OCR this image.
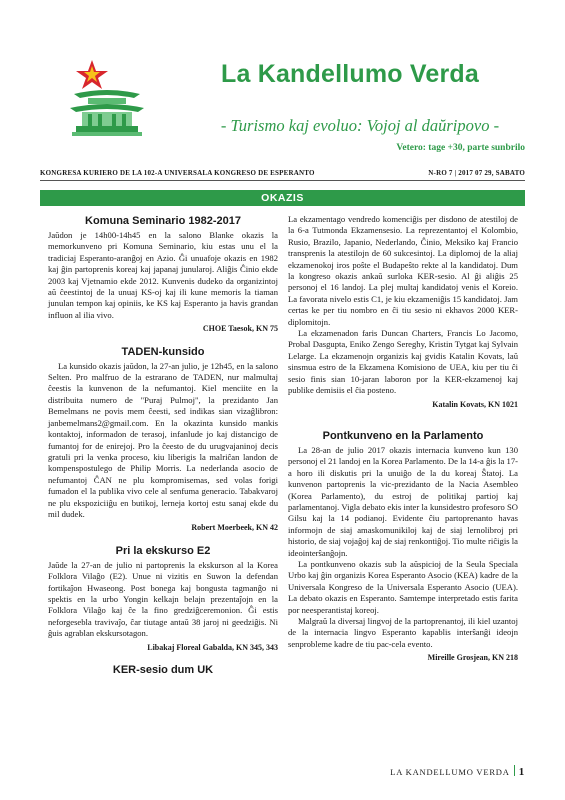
La Kandellumo Verda
- Turismo kaj evoluo: Vojoj al daŭripovo -
Vetero: tage +30, parte sunbrilo
KONGRESA KURIERO DE LA 102-A UNIVERSALA KONGRESO DE ESPERANTO	N-RO 7 | 2017 07 29, SABATO
OKAZIS
Komuna Seminario 1982-2017

Jaŭdon je 14h00-14h45 en la salono Blanke okazis la memorkunveno pri Komuna Seminario, kiu estas unu el la tradiciaj Esperanto-aranĝoj en Azio. Ĝi unuafoje okazis en 1982 kaj ĝin partoprenis koreaj kaj japanaj junularoj. Aliĝis Ĉinio ekde 2003 kaj Vjetnamio ekde 2012. Kunvenis dudeko da organizintoj aŭ ĉeestintoj de la unuaj KS-oj kaj ili kune memoris la tiaman junulan tempon kaj opiniis, ke KS kaj Esperanto ja havis grandan influon al ilia vivo.

CHOE Taesok, KN 75
TADEN-kunsido

La kunsido okazis jaŭdon, la 27-an julio, je 12h45, en la salono Selten. Pro malfruo de la estrarano de TADEN, nur malmultaj ĉeestis la kunvenon de la nefumantoj. Kiel menciite en la distribuita numero de "Puraj Pulmoj", la prezidanto Jan Bemelmans ne povis mem ĉeesti, sed indikas sian vizaĝlibron: janbemelmans2@gmail.com. En la okazinta kunsido mankis kontaktoj, informadon de terasoj, infanlude jo kaj distancigo de fumantoj for de enirejoj. Pro la ĉeesto de du urugvajaninoj decis gratuli pri la venka proceso, kiu liberigis la malriĉan landon de kompenspostulego de Philip Morris. La nederlanda asocio de nefumantoj ĈAN ne plu kompromisemas, sed volas forigi fumadon el la publika vivo cele al senfuma generacio. Tabakvaroj ne plu ekspoziciiĝu en butikoj, lerneja kortoj estu sanaj ekde du mil dudek.

Robert Moerbeek, KN 42
Pri la ekskurso E2

Jaŭde la 27-an de julio ni partoprenis la ekskurson al la Korea Folklora Vilaĝo (E2). Unue ni vizitis en Suwon la defendan fortikaĵon Hwaseong. Post bonega kaj bongusta tagmanĝo ni spektis en la urbo Yongin kelkajn belajn prezentaĵojn en la Folklora Vilaĝo kaj ĉe la fino gredziĝceremonion. Ĝi estis neforgesebla travivaĵo, ĉar tiutage antaŭ 38 jaroj ni geedziĝis. Ni ĝuis agrablan ekskursotagon.

Libakaj Floreal Gabalda, KN 345, 343
KER-sesio dum UK

La ekzamentago vendredo komenciĝis per disdono de atestiloj de la 6-a Tutmonda Ekzamensesio. La reprezentantoj el Kolombio, Rusio, Brazilo, Japanio, Nederlando, Ĉinio, Meksiko kaj Francio transprenis la atestilojn de 60 sukcesintoj. La diplomoj de la aliaj ekzamenokoj iros poŝte el Budapeŝto rekte al la kandidatoj. Dum la kongreso okazis ankaŭ surloka KER-sesio. Al ĝi aliĝis 25 personoj el 16 landoj. La plej multaj kandidatoj venis el Koreio. La favorata nivelo estis C1, je kiu ekzameniĝis 15 kandidatoj. Jam certas ke per tiu nombro en ĉi tiu sesio ni ekhavos 2000 KER-diplomitojn.

La ekzamenadon faris Duncan Charters, Francis Lo Jacomo, Probal Dasgupta, Eniko Zengo Sereghy, Kristin Tytgat kaj Sylvain Lelarge. La ekzamenojn organizis kaj gvidis Katalin Kovats, laŭ sinsmua estro de la Ekzamena Komisiono de UEA, kiu per tiu ĉi sesio finis sian 10-jaran laboron por la KER-ekzamenoj kaj publike demisiis el ĉia posteno.

Katalin Kovats, KN 1021
Pontkunveno en la Parlamento

La 28-an de julio 2017 okazis internacia kunveno kun 130 personoj el 21 landoj en la Korea Parlamento. De la 14-a ĝis la 17-a horo ili diskutis pri la unuiĝo de la du koreaj Ŝtatoj. La kunvenon partoprenis la vic-prezidanto de la Nacia Asembleo (Korea Parlamento), du estroj de politikaj partioj kaj parlamentanoj. Vigla debato ekis inter la kunsidestro profesoro SO Gilsu kaj la 14 podianoj. Evidente ĉiu partoprenanto havas informojn de siaj amaskomunikiloj kaj de siaj lernolibroj pri historio, de siaj vojaĝoj kaj de siaj renkontiĝoj. Tio multe riĉigis la ideointerŝanĝojn.

La pontkunveno okazis sub la aŭspicioj de la Seula Speciala Urbo kaj ĝin organizis Korea Esperanto Asocio (KEA) kadre de la Universala Kongreso de la Universala Esperanto Asocio (UEA). La debato okazis en Esperanto. Samtempe interpretado estis farita por neesperantistaj koreoj.

Malgraŭ la diversaj lingvoj de la partoprenantoj, ili kiel uzantoj de la internacia lingvo Esperanto kapablis interŝanĝi ideojn senprobleme kadre de tiu pac-cela evento.

Mireille Grosjean, KN 218
LA KANDELLUMO VERDA 1
